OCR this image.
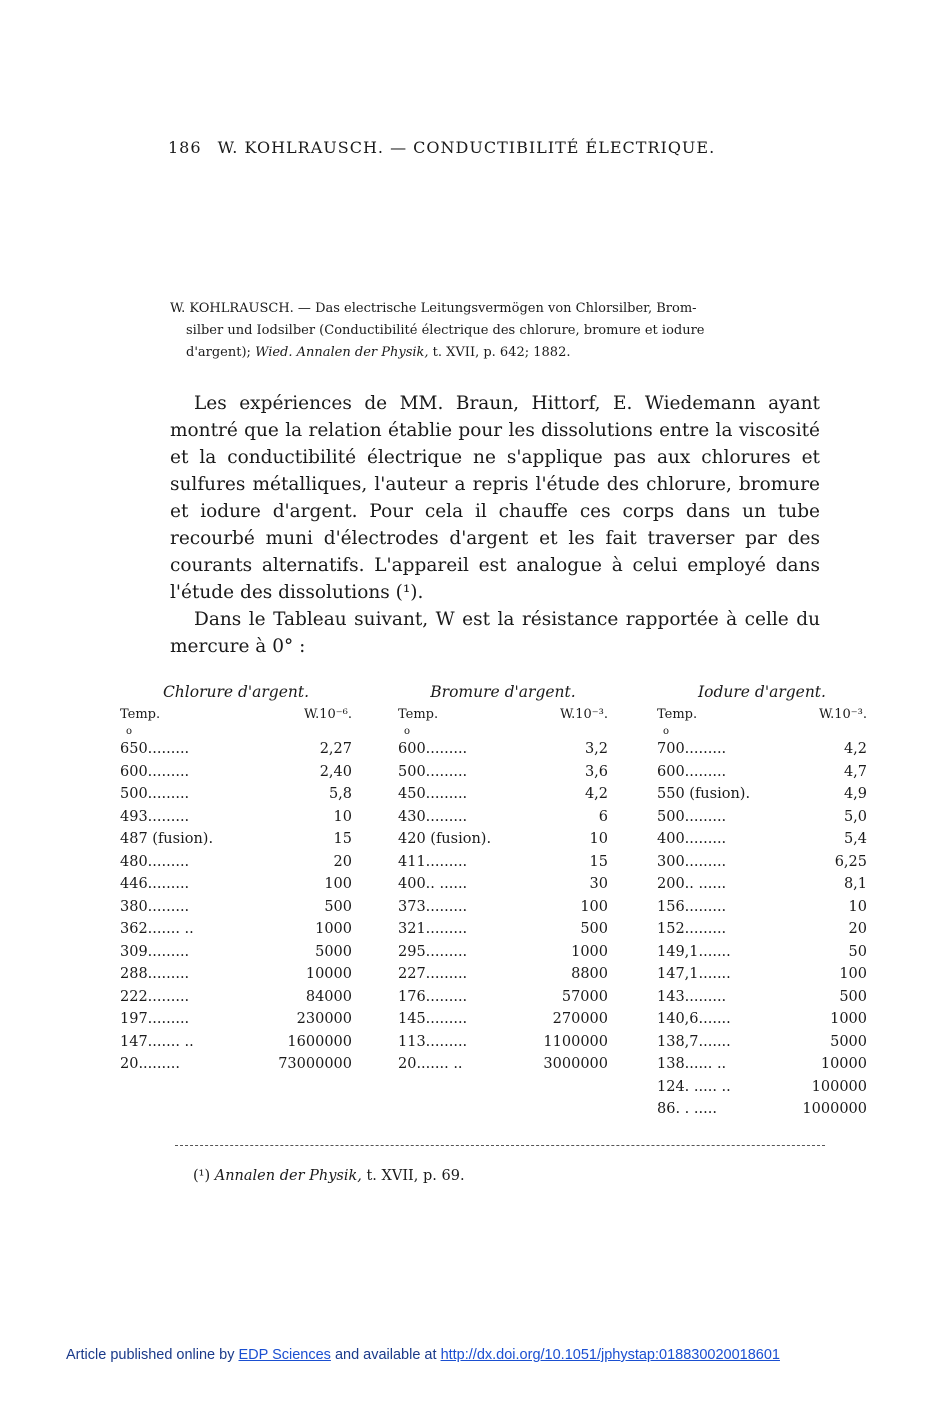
186 W. KOHLRAUSCH. — CONDUCTIBILITÉ ÉLECTRIQUE.
W. KOHLRAUSCH. — Das electrische Leitungsvermögen von Chlorsilber, Brom-
silber und Iodsilber (Conductibilité électrique des chlorure, bromure et iodure
d'argent); Wied. Annalen der Physik, t. XVII, p. 642; 1882.

Les expériences de MM. Braun, Hittorf, E. Wiedemann ayant montré que la relation établie pour les dissolutions entre la viscosité et la conductibilité électrique ne s'applique pas aux chlorures et sulfures métalliques, l'auteur a repris l'étude des chlorure, bromure et iodure d'argent. Pour cela il chauffe ces corps dans un tube recourbé muni d'électrodes d'argent et les fait traverser par des courants alternatifs. L'appareil est analogue à celui employé dans l'étude des dissolutions (¹).

Dans le Tableau suivant, W est la résistance rapportée à celle du mercure à 0° :

Chlorure d'argent.
Temp.	W.10⁻⁶.
o
650.........	2,27
600.........	2,40
500.........	5,8
493.........	10
487 (fusion).	15
480.........	20
446.........	100
380.........	500
362....... ..	1000
309.........	5000
288.........	10000
222.........	84000
197.........	230000
147....... ..	1600000
20.........	73000000
Bromure d'argent.
Temp.	W.10⁻³.
o
600.........	3,2
500.........	3,6
450.........	4,2
430.........	6
420 (fusion).	10
411.........	15
400.. ......	30
373.........	100
321.........	500
295.........	1000
227.........	8800
176.........	57000
145.........	270000
113.........	1100000
20....... ..	3000000
Iodure d'argent.
Temp.	W.10⁻³.
o
700.........	4,2
600.........	4,7
550 (fusion).	4,9
500.........	5,0
400.........	5,4
300.........	6,25
200.. ......	8,1
156.........	10
152.........	20
149,1.......	50
147,1.......	100
143.........	500
140,6.......	1000
138,7.......	5000
138...... ..	10000
124. ..... ..	100000
86. . .....	1000000
(¹) Annalen der Physik, t. XVII, p. 69.
Article published online by EDP Sciences and available at http://dx.doi.org/10.1051/jphystap:018830020018601
